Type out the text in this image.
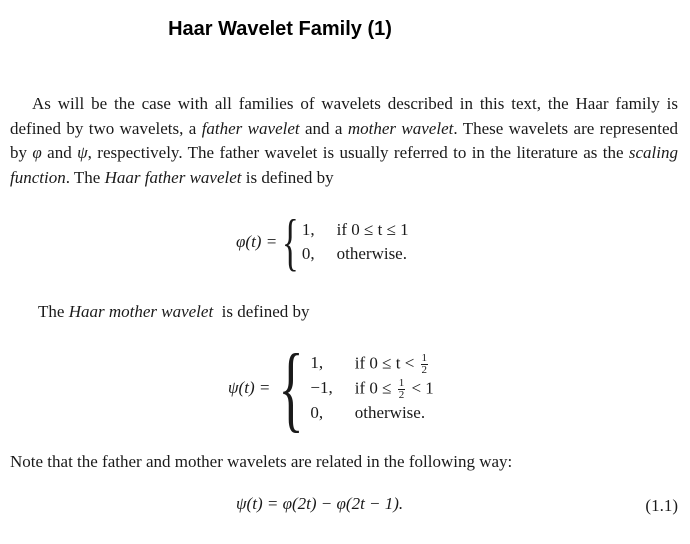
Haar Wavelet Family (1)
As will be the case with all families of wavelets described in this text, the Haar family is defined by two wavelets, a father wavelet and a mother wavelet. These wavelets are represented by φ and ψ, respectively. The father wavelet is usually referred to in the literature as the scaling function. The Haar father wavelet is defined by
φ(t) = { 1, if 0 ≤ t ≤ 1
0, otherwise.
The Haar mother wavelet  is defined by
ψ(t) = { 1,	if $0 \le t < \frac{1}{2}$
−1, if $0 \le \frac{1}{2} < 1$
0,	otherwise.
Note that the father and mother wavelets are related in the following way:
ψ(t) = φ(2t) − φ(2t − 1).	(1.1)
